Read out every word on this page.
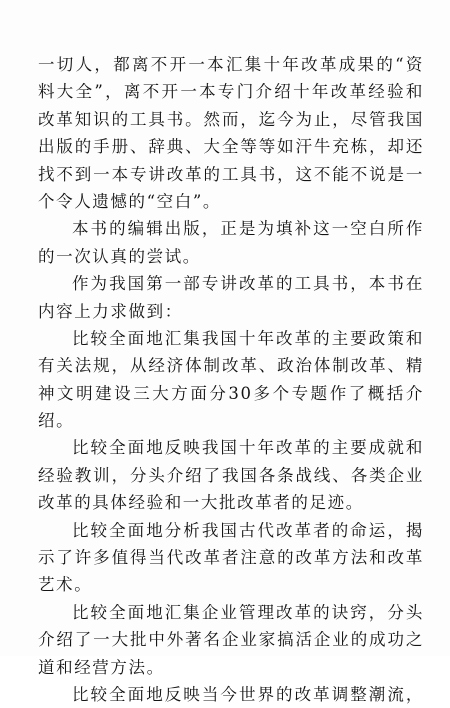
一切人，都离不开一本汇集十年改革成果的“资
料大全”，离不开一本专门介绍十年改革经验和
改革知识的工具书。然而，迄今为止，尽管我国
出版的手册、辞典、大全等等如汗牛充栋，却还
找不到一本专讲改革的工具书，这不能不说是一
个令人遗憾的“空白”。
本书的编辑出版，正是为填补这一空白所作
的一次认真的尝试。
作为我国第一部专讲改革的工具书，本书在
内容上力求做到：
比较全面地汇集我国十年改革的主要政策和
有关法规，从经济体制改革、政治体制改革、精
神文明建设三大方面分30多个专题作了概括介
绍。
比较全面地反映我国十年改革的主要成就和
经验教训，分头介绍了我国各条战线、各类企业
改革的具体经验和一大批改革者的足迹。
比较全面地分析我国古代改革者的命运，揭
示了许多值得当代改革者注意的改革方法和改革
艺术。
比较全面地汇集企业管理改革的诀窍，分头
介绍了一大批中外著名企业家搞活企业的成功之
道和经营方法。
比较全面地反映当今世界的改革调整潮流，
